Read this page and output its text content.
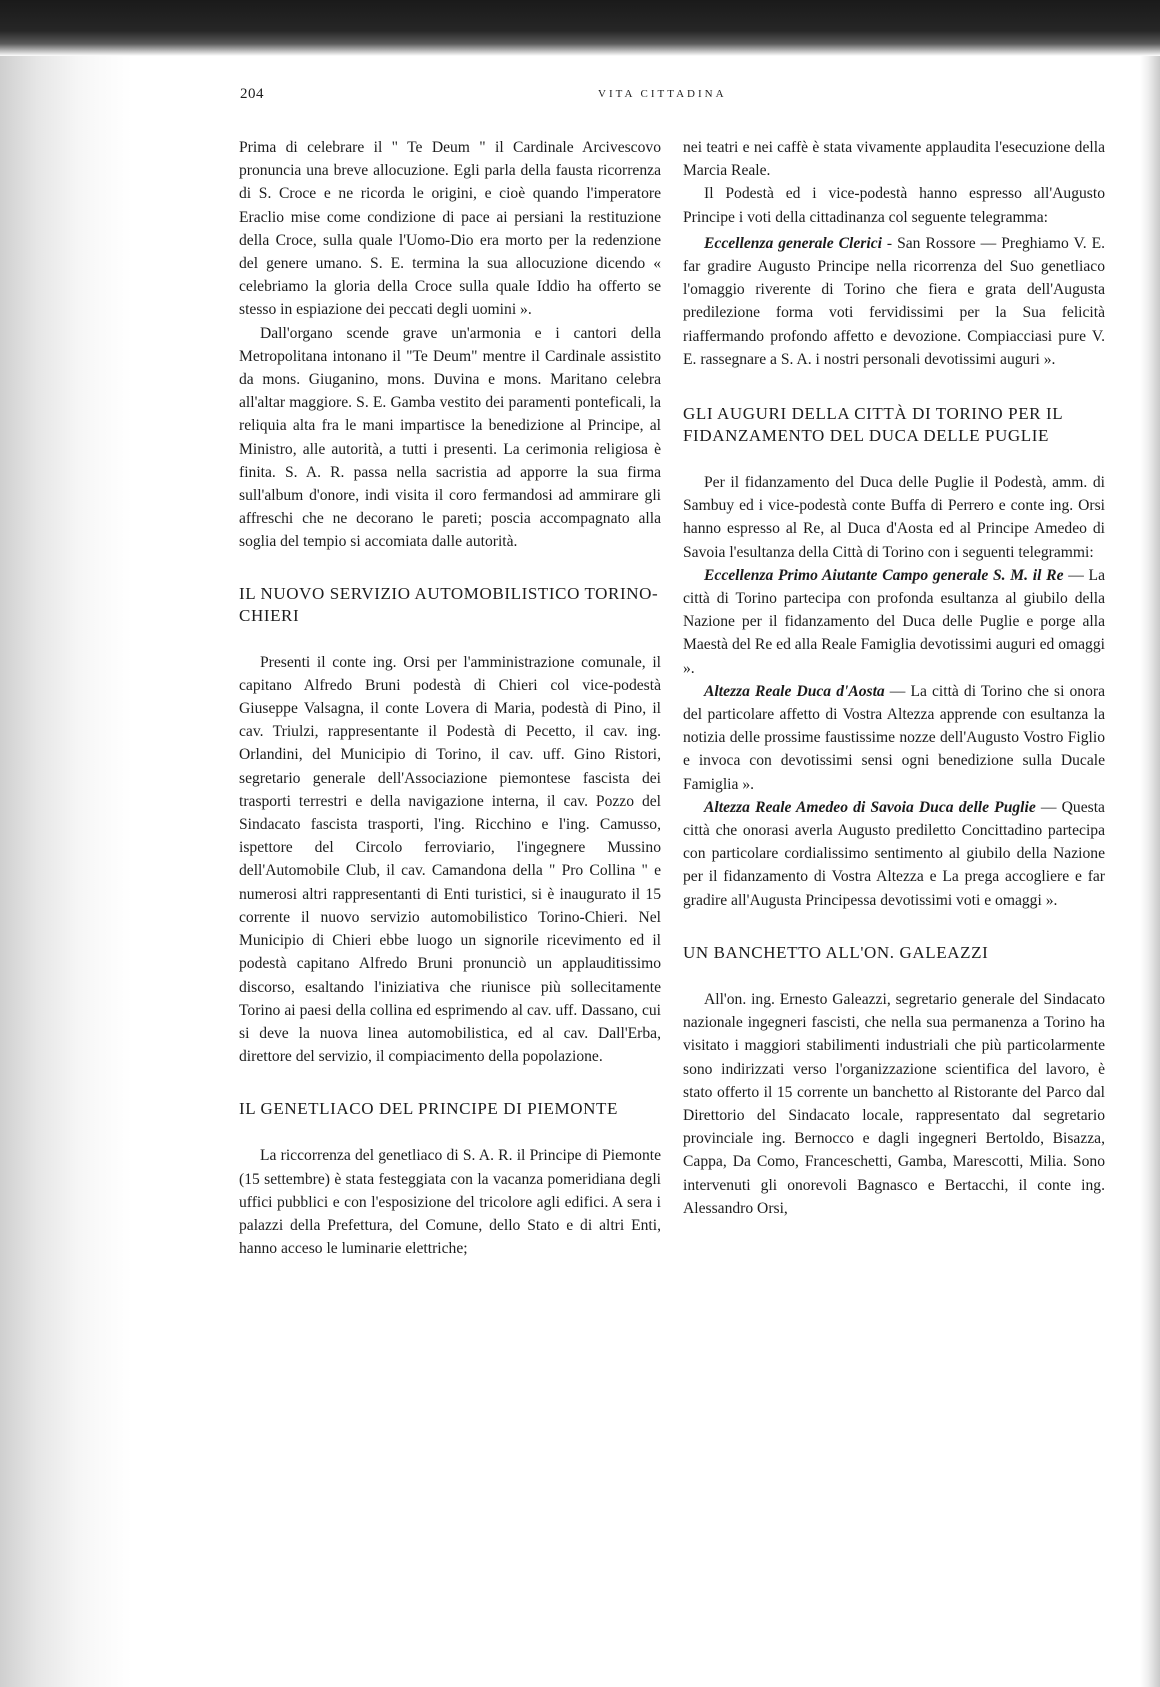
204	VITA CITTADINA

Prima di celebrare il " Te Deum " il Cardinale Arcivescovo pronuncia una breve allocuzione. Egli parla della fausta ricorrenza di S. Croce e ne ricorda le origini, e cioè quando l'imperatore Eraclio mise come condizione di pace ai persiani la restituzione della Croce, sulla quale l'Uomo-Dio era morto per la redenzione del genere umano. S. E. termina la sua allocuzione dicendo « celebriamo la gloria della Croce sulla quale Iddio ha offerto se stesso in espiazione dei peccati degli uomini ».

Dall'organo scende grave un'armonia e i cantori della Metropolitana intonano il "Te Deum" mentre il Cardinale assistito da mons. Giuganino, mons. Duvina e mons. Maritano celebra all'altar maggiore. S. E. Gamba vestito dei paramenti ponteficali, la reliquia alta fra le mani impartisce la benedizione al Principe, al Ministro, alle autorità, a tutti i presenti. La cerimonia religiosa è finita. S. A. R. passa nella sacristia ad apporre la sua firma sull'album d'onore, indi visita il coro fermandosi ad ammirare gli affreschi che ne decorano le pareti; poscia accompagnato alla soglia del tempio si accomiata dalle autorità.

IL NUOVO SERVIZIO AUTOMOBILISTICO TORINO-CHIERI

Presenti il conte ing. Orsi per l'amministrazione comunale, il capitano Alfredo Bruni podestà di Chieri col vice-podestà Giuseppe Valsagna, il conte Lovera di Maria, podestà di Pino, il cav. Triulzi, rappresentante il Podestà di Pecetto, il cav. ing. Orlandini, del Municipio di Torino, il cav. uff. Gino Ristori, segretario generale dell'Associazione piemontese fascista dei trasporti terrestri e della navigazione interna, il cav. Pozzo del Sindacato fascista trasporti, l'ing. Ricchino e l'ing. Camusso, ispettore del Circolo ferroviario, l'ingegnere Mussino dell'Automobile Club, il cav. Camandona della " Pro Collina " e numerosi altri rappresentanti di Enti turistici, si è inaugurato il 15 corrente il nuovo servizio automobilistico Torino-Chieri. Nel Municipio di Chieri ebbe luogo un signorile ricevimento ed il podestà capitano Alfredo Bruni pronunciò un applauditissimo discorso, esaltando l'iniziativa che riunisce più sollecitamente Torino ai paesi della collina ed esprimendo al cav. uff. Dassano, cui si deve la nuova linea automobilistica, ed al cav. Dall'Erba, direttore del servizio, il compiacimento della popolazione.

IL GENETLIACO DEL PRINCIPE DI PIEMONTE

La riccorrenza del genetliaco di S. A. R. il Principe di Piemonte (15 settembre) è stata festeggiata con la vacanza pomeridiana degli uffici pubblici e con l'esposizione del tricolore agli edifici. A sera i palazzi della Prefettura, del Comune, dello Stato e di altri Enti, hanno acceso le luminarie elettriche;

nei teatri e nei caffè è stata vivamente applaudita l'esecuzione della Marcia Reale.

Il Podestà ed i vice-podestà hanno espresso all'Augusto Principe i voti della cittadinanza col seguente telegramma:

Eccellenza generale Clerici - San Rossore — Preghiamo V. E. far gradire Augusto Principe nella ricorrenza del Suo genetliaco l'omaggio riverente di Torino che fiera e grata dell'Augusta predilezione forma voti fervidissimi per la Sua felicità riaffermando profondo affetto e devozione. Compiacciasi pure V. E. rassegnare a S. A. i nostri personali devotissimi auguri ».

GLI AUGURI DELLA CITTÀ DI TORINO PER IL FIDANZAMENTO DEL DUCA DELLE PUGLIE

Per il fidanzamento del Duca delle Puglie il Podestà, amm. di Sambuy ed i vice-podestà conte Buffa di Perrero e conte ing. Orsi hanno espresso al Re, al Duca d'Aosta ed al Principe Amedeo di Savoia l'esultanza della Città di Torino con i seguenti telegrammi:

Eccellenza Primo Aiutante Campo generale S. M. il Re — La città di Torino partecipa con profonda esultanza al giubilo della Nazione per il fidanzamento del Duca delle Puglie e porge alla Maestà del Re ed alla Reale Famiglia devotissimi auguri ed omaggi ».

Altezza Reale Duca d'Aosta — La città di Torino che si onora del particolare affetto di Vostra Altezza apprende con esultanza la notizia delle prossime faustissime nozze dell'Augusto Vostro Figlio e invoca con devotissimi sensi ogni benedizione sulla Ducale Famiglia ».

Altezza Reale Amedeo di Savoia Duca delle Puglie — Questa città che onorasi averla Augusto prediletto Concittadino partecipa con particolare cordialissimo sentimento al giubilo della Nazione per il fidanzamento di Vostra Altezza e La prega accogliere e far gradire all'Augusta Principessa devotissimi voti e omaggi ».

UN BANCHETTO ALL'ON. GALEAZZI

All'on. ing. Ernesto Galeazzi, segretario generale del Sindacato nazionale ingegneri fascisti, che nella sua permanenza a Torino ha visitato i maggiori stabilimenti industriali che più particolarmente sono indirizzati verso l'organizzazione scientifica del lavoro, è stato offerto il 15 corrente un banchetto al Ristorante del Parco dal Direttorio del Sindacato locale, rappresentato dal segretario provinciale ing. Bernocco e dagli ingegneri Bertoldo, Bisazza, Cappa, Da Como, Franceschetti, Gamba, Marescotti, Milia. Sono intervenuti gli onorevoli Bagnasco e Bertacchi, il conte ing. Alessandro Orsi,
